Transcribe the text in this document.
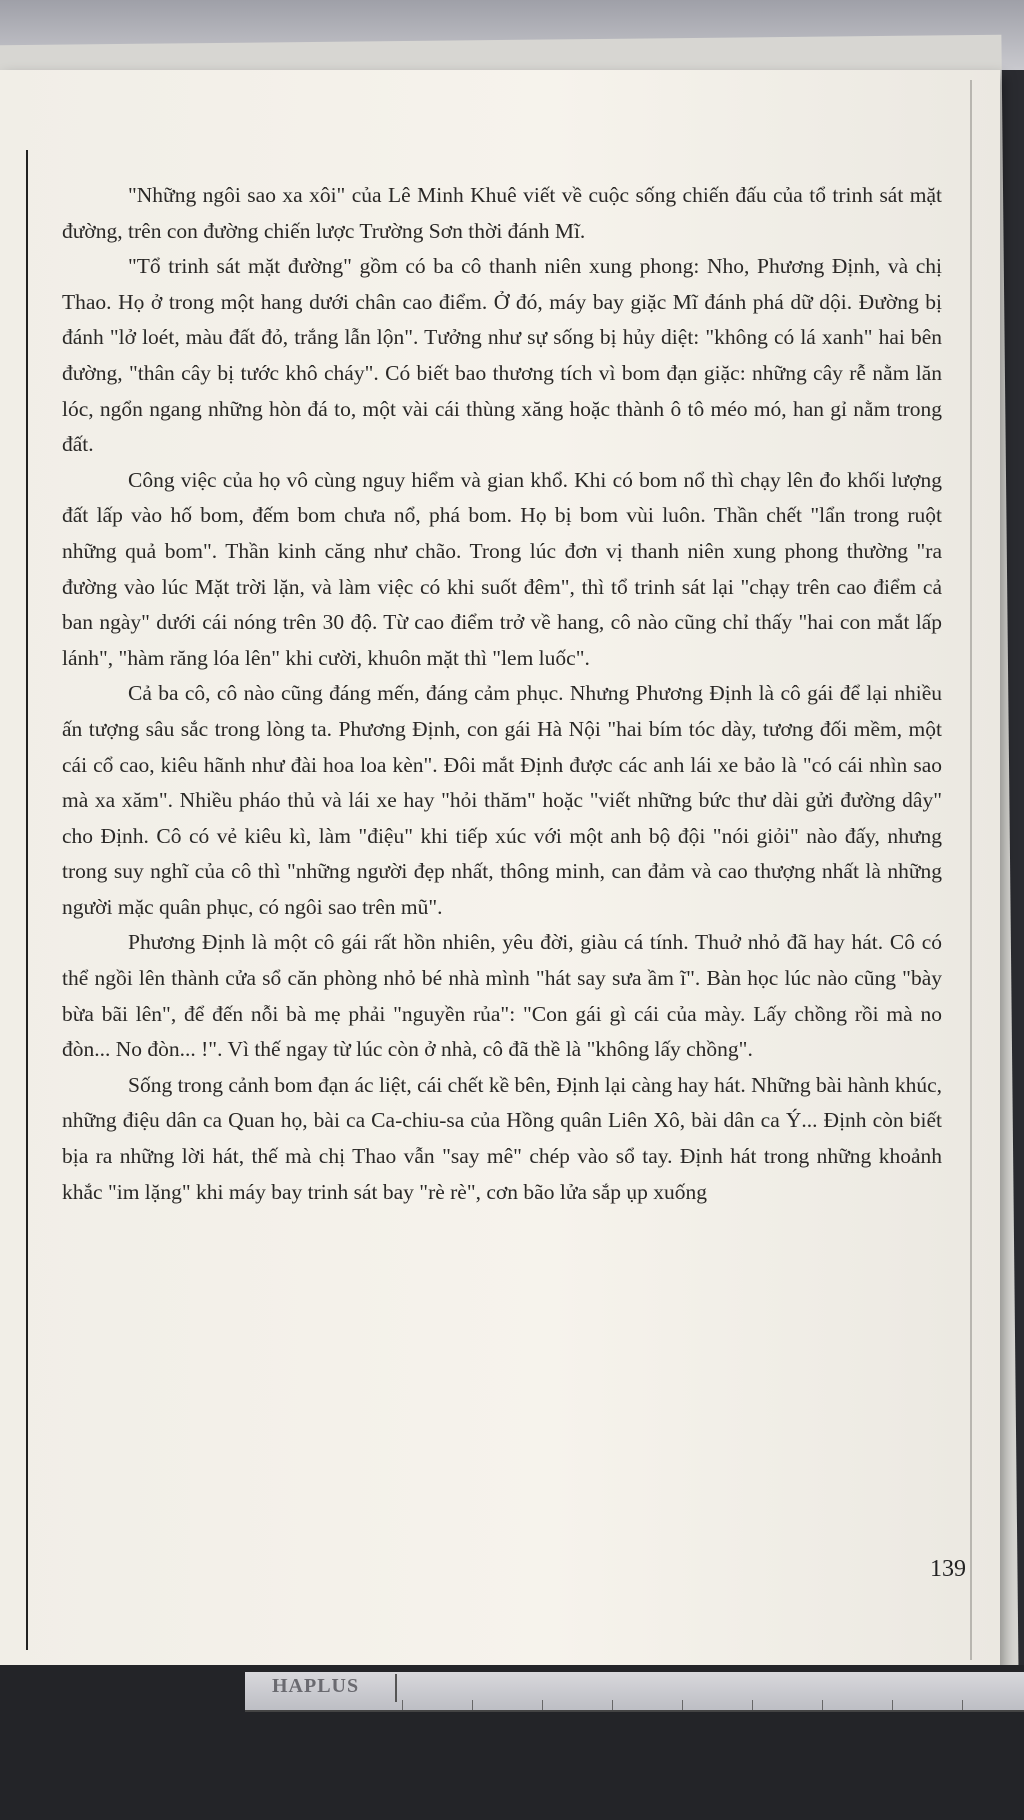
"Những ngôi sao xa xôi" của Lê Minh Khuê viết về cuộc sống chiến đấu của tổ trinh sát mặt đường, trên con đường chiến lược Trường Sơn thời đánh Mĩ.

"Tổ trinh sát mặt đường" gồm có ba cô thanh niên xung phong: Nho, Phương Định, và chị Thao. Họ ở trong một hang dưới chân cao điểm. Ở đó, máy bay giặc Mĩ đánh phá dữ dội. Đường bị đánh "lở loét, màu đất đỏ, trắng lẫn lộn". Tưởng như sự sống bị hủy diệt: "không có lá xanh" hai bên đường, "thân cây bị tước khô cháy". Có biết bao thương tích vì bom đạn giặc: những cây rễ nằm lăn lóc, ngổn ngang những hòn đá to, một vài cái thùng xăng hoặc thành ô tô méo mó, han gỉ nằm trong đất.

Công việc của họ vô cùng nguy hiểm và gian khổ. Khi có bom nổ thì chạy lên đo khối lượng đất lấp vào hố bom, đếm bom chưa nổ, phá bom. Họ bị bom vùi luôn. Thần chết "lẩn trong ruột những quả bom". Thần kinh căng như chão. Trong lúc đơn vị thanh niên xung phong thường "ra đường vào lúc Mặt trời lặn, và làm việc có khi suốt đêm", thì tổ trinh sát lại "chạy trên cao điểm cả ban ngày" dưới cái nóng trên 30 độ. Từ cao điểm trở về hang, cô nào cũng chỉ thấy "hai con mắt lấp lánh", "hàm răng lóa lên" khi cười, khuôn mặt thì "lem luốc".

Cả ba cô, cô nào cũng đáng mến, đáng cảm phục. Nhưng Phương Định là cô gái để lại nhiều ấn tượng sâu sắc trong lòng ta. Phương Định, con gái Hà Nội "hai bím tóc dày, tương đối mềm, một cái cổ cao, kiêu hãnh như đài hoa loa kèn". Đôi mắt Định được các anh lái xe bảo là "có cái nhìn sao mà xa xăm". Nhiều pháo thủ và lái xe hay "hỏi thăm" hoặc "viết những bức thư dài gửi đường dây" cho Định. Cô có vẻ kiêu kì, làm "điệu" khi tiếp xúc với một anh bộ đội "nói giỏi" nào đấy, nhưng trong suy nghĩ của cô thì "những người đẹp nhất, thông minh, can đảm và cao thượng nhất là những người mặc quân phục, có ngôi sao trên mũ".

Phương Định là một cô gái rất hồn nhiên, yêu đời, giàu cá tính. Thuở nhỏ đã hay hát. Cô có thể ngồi lên thành cửa sổ căn phòng nhỏ bé nhà mình "hát say sưa ầm ĩ". Bàn học lúc nào cũng "bày bừa bãi lên", để đến nỗi bà mẹ phải "nguyền rủa": "Con gái gì cái của mày. Lấy chồng rồi mà no đòn... No đòn... !". Vì thế ngay từ lúc còn ở nhà, cô đã thề là "không lấy chồng".

Sống trong cảnh bom đạn ác liệt, cái chết kề bên, Định lại càng hay hát. Những bài hành khúc, những điệu dân ca Quan họ, bài ca Ca-chiu-sa của Hồng quân Liên Xô, bài dân ca Ý... Định còn biết bịa ra những lời hát, thế mà chị Thao vẫn "say mê" chép vào sổ tay. Định hát trong những khoảnh khắc "im lặng" khi máy bay trinh sát bay "rè rè", cơn bão lửa sắp ụp xuống

139
HAPLUS
